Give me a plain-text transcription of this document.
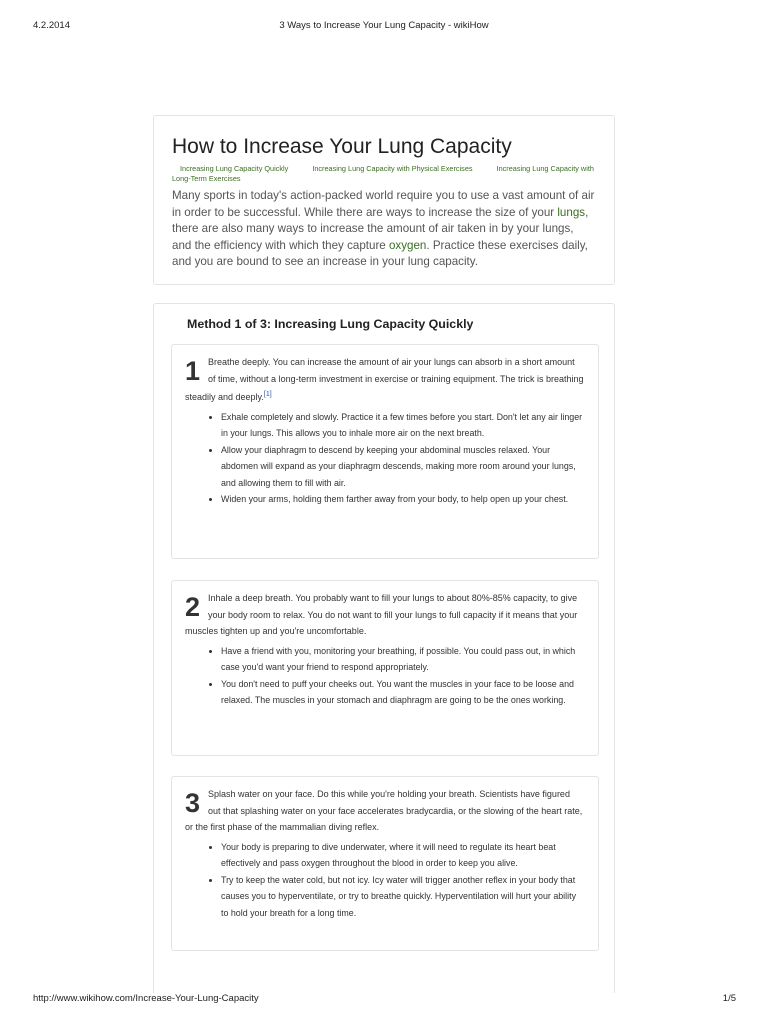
4.2.2014	3 Ways to Increase Your Lung Capacity - wikiHow
How to Increase Your Lung Capacity
Increasing Lung Capacity Quickly	Increasing Lung Capacity with Physical Exercises	Increasing Lung Capacity with Long-Term Exercises
Many sports in today's action-packed world require you to use a vast amount of air in order to be successful. While there are ways to increase the size of your lungs, there are also many ways to increase the amount of air taken in by your lungs, and the efficiency with which they capture oxygen. Practice these exercises daily, and you are bound to see an increase in your lung capacity.
Method 1 of 3: Increasing Lung Capacity Quickly
1 Breathe deeply. You can increase the amount of air your lungs can absorb in a short amount of time, without a long-term investment in exercise or training equipment. The trick is breathing steadily and deeply.[1]
• Exhale completely and slowly. Practice it a few times before you start. Don't let any air linger in your lungs. This allows you to inhale more air on the next breath.
• Allow your diaphragm to descend by keeping your abdominal muscles relaxed. Your abdomen will expand as your diaphragm descends, making more room around your lungs, and allowing them to fill with air.
• Widen your arms, holding them farther away from your body, to help open up your chest.
2 Inhale a deep breath. You probably want to fill your lungs to about 80%-85% capacity, to give your body room to relax. You do not want to fill your lungs to full capacity if it means that your muscles tighten up and you're uncomfortable.
• Have a friend with you, monitoring your breathing, if possible. You could pass out, in which case you'd want your friend to respond appropriately.
• You don't need to puff your cheeks out. You want the muscles in your face to be loose and relaxed. The muscles in your stomach and diaphragm are going to be the ones working.
3 Splash water on your face. Do this while you're holding your breath. Scientists have figured out that splashing water on your face accelerates bradycardia, or the slowing of the heart rate, or the first phase of the mammalian diving reflex.
• Your body is preparing to dive underwater, where it will need to regulate its heart beat effectively and pass oxygen throughout the blood in order to keep you alive.
• Try to keep the water cold, but not icy. Icy water will trigger another reflex in your body that causes you to hyperventilate, or try to breathe quickly. Hyperventilation will hurt your ability to hold your breath for a long time.
http://www.wikihow.com/Increase-Your-Lung-Capacity	1/5
